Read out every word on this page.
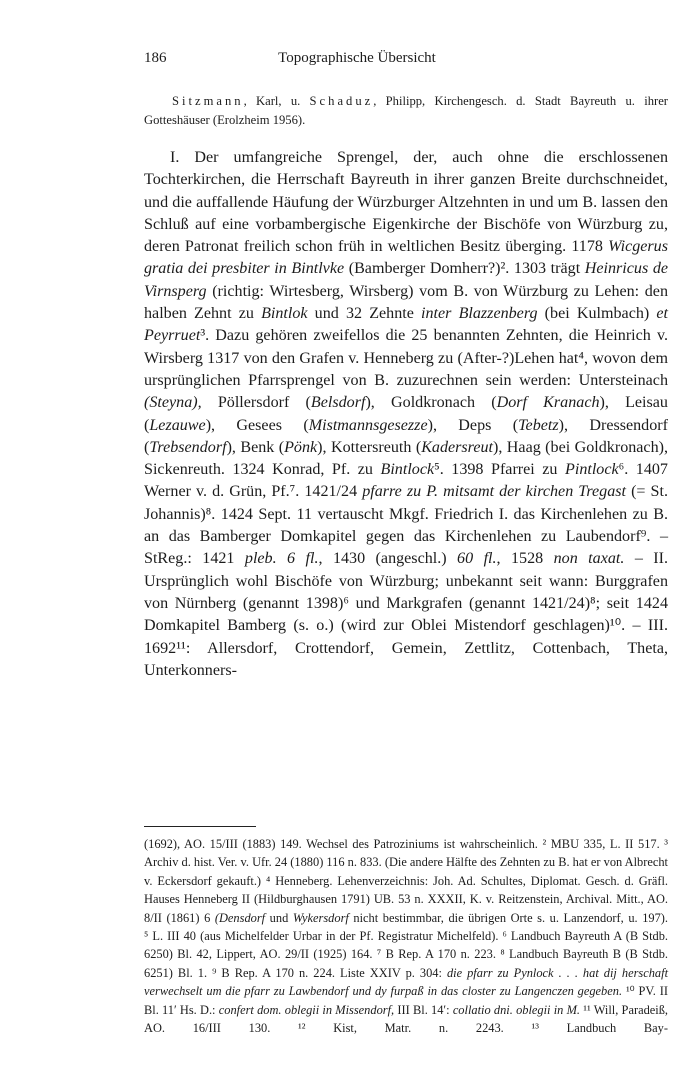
186	Topographische Übersicht
Sitzmann, Karl, u. Schaduz, Philipp, Kirchengesch. d. Stadt Bayreuth u. ihrer Gotteshäuser (Erolzheim 1956).
I. Der umfangreiche Sprengel, der, auch ohne die erschlossenen Tochterkirchen, die Herrschaft Bayreuth in ihrer ganzen Breite durchschneidet, und die auffallende Häufung der Würzburger Altzehnten in und um B. lassen den Schluß auf eine vorbambergische Eigenkirche der Bischöfe von Würzburg zu, deren Patronat freilich schon früh in weltlichen Besitz überging. 1178 Wicgerus gratia dei presbiter in Bintlvke (Bamberger Domherr?)². 1303 trägt Heinricus de Virnsperg (richtig: Wirtesberg, Wirsberg) vom B. von Würzburg zu Lehen: den halben Zehnt zu Bintlok und 32 Zehnte inter Blazzenberg (bei Kulmbach) et Peyrruet³. Dazu gehören zweifellos die 25 benannten Zehnten, die Heinrich v. Wirsberg 1317 von den Grafen v. Henneberg zu (After-?)Lehen hat⁴, wovon dem ursprünglichen Pfarrsprengel von B. zuzurechnen sein werden: Untersteinach (Steyna), Pöllersdorf (Belsdorf), Goldkronach (Dorf Kranach), Leisau (Lezauwe), Gesees (Mistmannsgesezze), Deps (Tebetz), Dressendorf (Trebsendorf), Benk (Pönk), Kottersreuth (Kadersreut), Haag (bei Goldkronach), Sickenreuth. 1324 Konrad, Pf. zu Bintlock⁵. 1398 Pfarrei zu Pintlock⁶. 1407 Werner v. d. Grün, Pf.⁷. 1421/24 pfarre zu P. mitsamt der kirchen Tregast (= St. Johannis)⁸. 1424 Sept. 11 vertauscht Mkgf. Friedrich I. das Kirchenlehen zu B. an das Bamberger Domkapitel gegen das Kirchenlehen zu Laubendorf⁹. – StReg.: 1421 pleb. 6 fl., 1430 (angeschl.) 60 fl., 1528 non taxat. – II. Ursprünglich wohl Bischöfe von Würzburg; unbekannt seit wann: Burggrafen von Nürnberg (genannt 1398)⁶ und Markgrafen (genannt 1421/24)⁸; seit 1424 Domkapitel Bamberg (s. o.) (wird zur Oblei Mistendorf geschlagen)¹⁰. – III. 1692¹¹: Allersdorf, Crottendorf, Gemein, Zettlitz, Cottenbach, Theta, Unterkonners-

(1692), AO. 15/III (1883) 149. Wechsel des Patroziniums ist wahrscheinlich. ² MBU 335, L. II 517. ³ Archiv d. hist. Ver. v. Ufr. 24 (1880) 116 n. 833. (Die andere Hälfte des Zehnten zu B. hat er von Albrecht v. Eckersdorf gekauft.) ⁴ Henneberg. Lehenverzeichnis: Joh. Ad. Schultes, Diplomat. Gesch. d. Gräfl. Hauses Henneberg II (Hildburghausen 1791) UB. 53 n. XXXII, K. v. Reitzenstein, Archival. Mitt., AO. 8/II (1861) 6 (Densdorf und Wykersdorf nicht bestimmbar, die übrigen Orte s. u. Lanzendorf, u. 197).

⁵ L. III 40 (aus Michelfelder Urbar in der Pf. Registratur Michelfeld). ⁶ Landbuch Bayreuth A (B Stdb. 6250) Bl. 42, Lippert, AO. 29/II (1925) 164. ⁷ B Rep. A 170 n. 223. ⁸ Landbuch Bayreuth B (B Stdb. 6251) Bl. 1. ⁹ B Rep. A 170 n. 224. Liste XXIV p. 304: die pfarr zu Pynlock . . . hat dij herschaft verwechselt um die pfarr zu Lawbendorf und dy furpaß in das closter zu Langenczen gegeben. ¹⁰ PV. II Bl. 11′ Hs. D.: confert dom. oblegii in Missendorf, III Bl. 14′: collatio dni. oblegii in M. ¹¹ Will, Paradeiß, AO. 16/III 130. ¹² Kist, Matr. n. 2243. ¹³ Landbuch Bay-
